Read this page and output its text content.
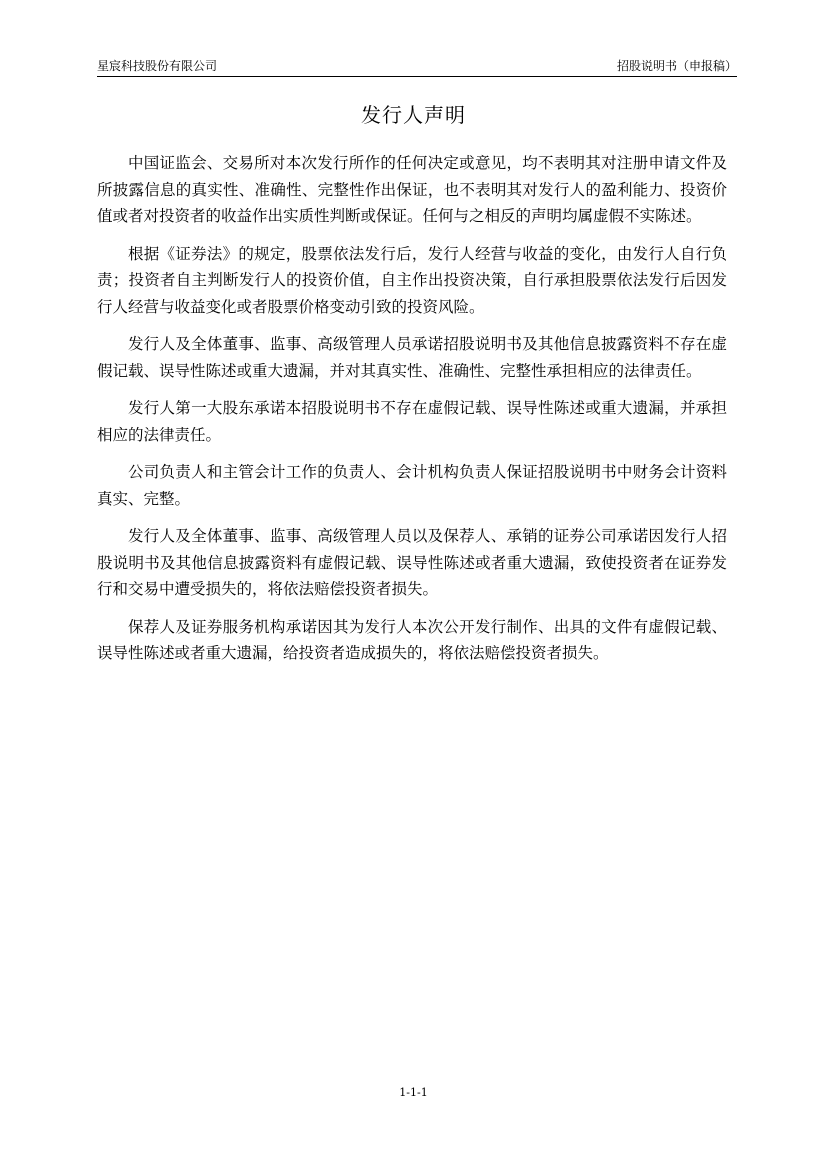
星宸科技股份有限公司	招股说明书（申报稿）
发行人声明

中国证监会、交易所对本次发行所作的任何决定或意见，均不表明其对注册申请文件及所披露信息的真实性、准确性、完整性作出保证，也不表明其对发行人的盈利能力、投资价值或者对投资者的收益作出实质性判断或保证。任何与之相反的声明均属虚假不实陈述。

根据《证券法》的规定，股票依法发行后，发行人经营与收益的变化，由发行人自行负责；投资者自主判断发行人的投资价值，自主作出投资决策，自行承担股票依法发行后因发行人经营与收益变化或者股票价格变动引致的投资风险。

发行人及全体董事、监事、高级管理人员承诺招股说明书及其他信息披露资料不存在虚假记载、误导性陈述或重大遗漏，并对其真实性、准确性、完整性承担相应的法律责任。

发行人第一大股东承诺本招股说明书不存在虚假记载、误导性陈述或重大遗漏，并承担相应的法律责任。

公司负责人和主管会计工作的负责人、会计机构负责人保证招股说明书中财务会计资料真实、完整。

发行人及全体董事、监事、高级管理人员以及保荐人、承销的证券公司承诺因发行人招股说明书及其他信息披露资料有虚假记载、误导性陈述或者重大遗漏，致使投资者在证券发行和交易中遭受损失的，将依法赔偿投资者损失。

保荐人及证券服务机构承诺因其为发行人本次公开发行制作、出具的文件有虚假记载、误导性陈述或者重大遗漏，给投资者造成损失的，将依法赔偿投资者损失。

1-1-1
